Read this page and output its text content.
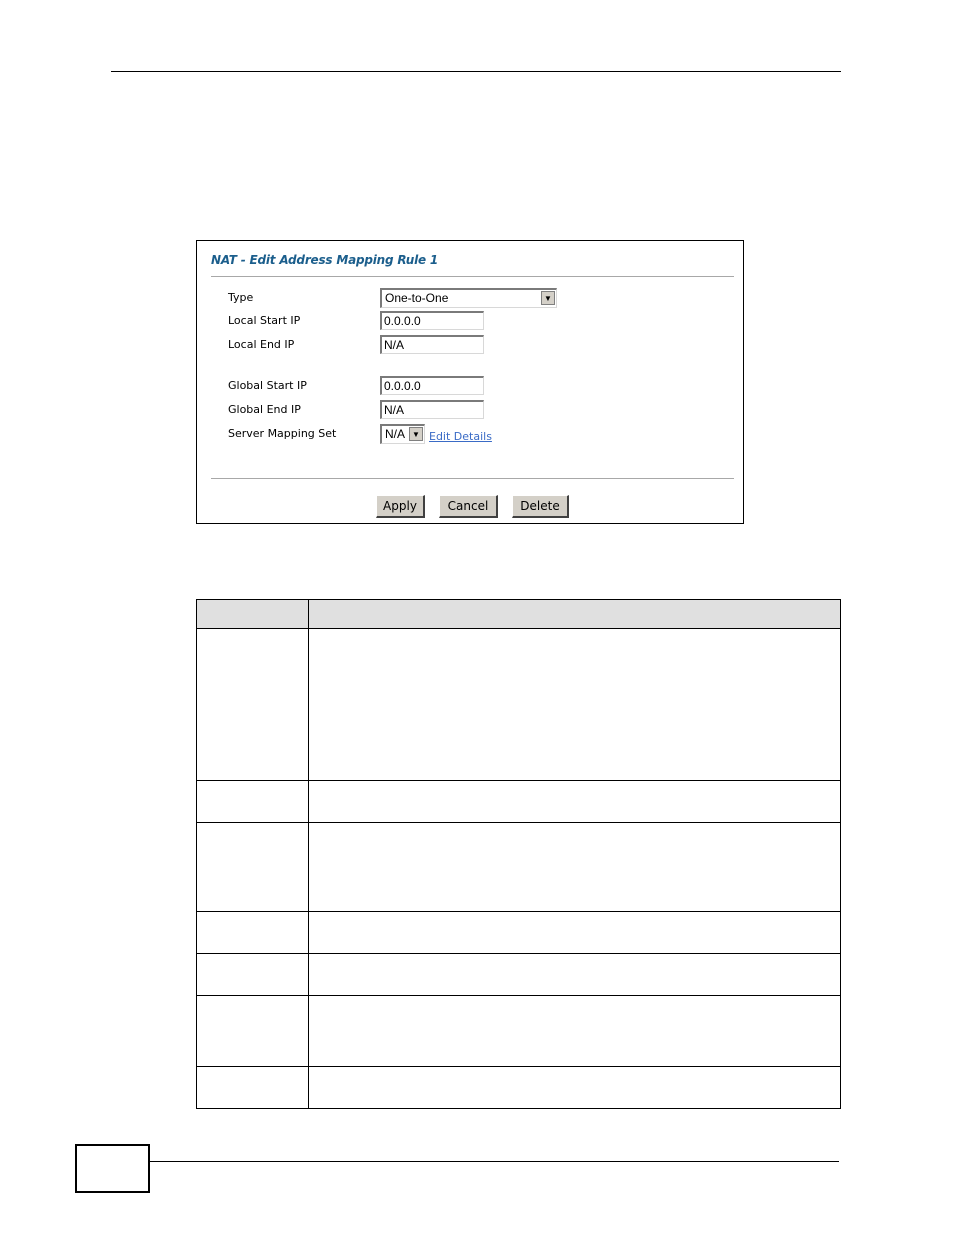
NAT - Edit Address Mapping Rule 1
Type	One-to-One	▼
Local Start IP	0.0.0.0
Local End IP	N/A
Global Start IP	0.0.0.0
Global End IP	N/A
Server Mapping Set	N/A ▼ Edit Details
Apply	Cancel	Delete
